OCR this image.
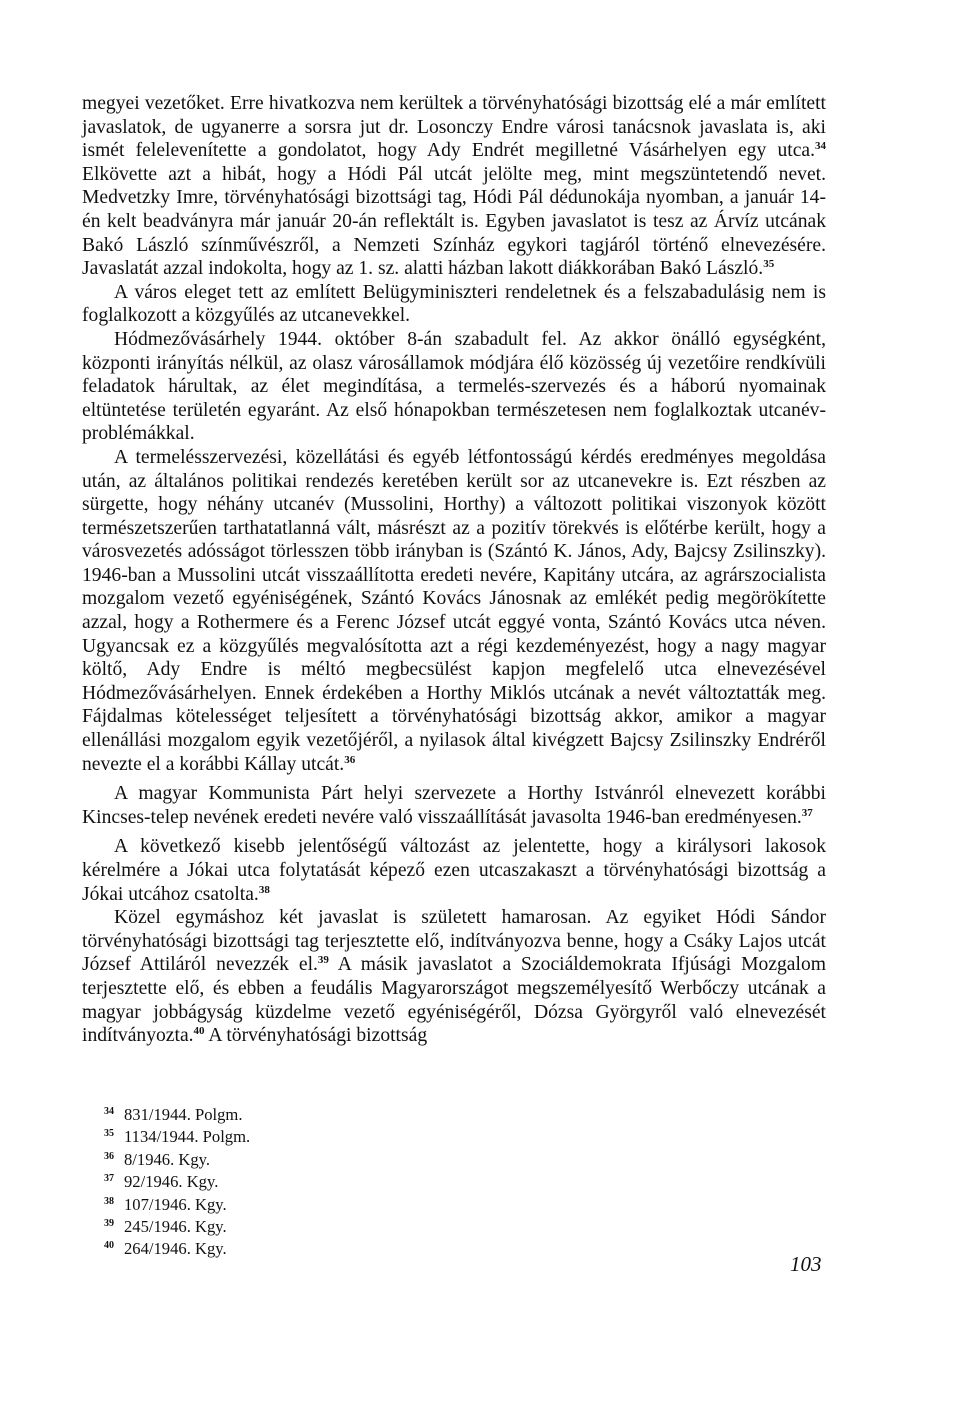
megyei vezetőket. Erre hivatkozva nem kerültek a törvényhatósági bizottság elé a már említett javaslatok, de ugyanerre a sorsra jut dr. Losonczy Endre városi tanácsnok javaslata is, aki ismét felelevenítette a gondolatot, hogy Ady Endrét megilletné Vásárhelyen egy utca.$^{34}$ Elkövette azt a hibát, hogy a Hódi Pál utcát jelölte meg, mint megszüntetendő nevet. Medvetzky Imre, törvényhatósági bizottsági tag, Hódi Pál dédunokája nyomban, a január 14-én kelt beadványra már január 20-án reflektált is. Egyben javaslatot is tesz az Árvíz utcának Bakó László színművészről, a Nemzeti Színház egykori tagjáról történő elnevezésére. Javaslatát azzal indokolta, hogy az 1. sz. alatti házban lakott diákkorában Bakó László.$^{35}$

A város eleget tett az említett Belügyminiszteri rendeletnek és a felszabadulásig nem is foglalkozott a közgyűlés az utcanevekkel.

Hódmezővásárhely 1944. október 8-án szabadult fel. Az akkor önálló egységként, központi irányítás nélkül, az olasz városállamok módjára élő közösség új vezetőire rendkívüli feladatok hárultak, az élet megindítása, a termelés-szervezés és a háború nyomainak eltüntetése területén egyaránt. Az első hónapokban természetesen nem foglalkoztak utcanév-problémákkal.

A termelésszervezési, közellátási és egyéb létfontosságú kérdés eredményes megoldása után, az általános politikai rendezés keretében került sor az utcanevekre is. Ezt részben az sürgette, hogy néhány utcanév (Mussolini, Horthy) a változott politikai viszonyok között természetszerűen tarthatatlanná vált, másrészt az a pozitív törekvés is előtérbe került, hogy a városvezetés adósságot törlesszen több irányban is (Szántó K. János, Ady, Bajcsy Zsilinszky). 1946-ban a Mussolini utcát visszaállította eredeti nevére, Kapitány utcára, az agrárszocialista mozgalom vezető egyéniségének, Szántó Kovács Jánosnak az emlékét pedig megörökítette azzal, hogy a Rothermere és a Ferenc József utcát eggyé vonta, Szántó Kovács utca néven. Ugyancsak ez a közgyűlés megvalósította azt a régi kezdeményezést, hogy a nagy magyar költő, Ady Endre is méltó megbecsülést kapjon megfelelő utca elnevezésével Hódmezővásárhelyen. Ennek érdekében a Horthy Miklós utcának a nevét változtatták meg. Fájdalmas kötelességet teljesített a törvényhatósági bizottság akkor, amikor a magyar ellenállási mozgalom egyik vezetőjéről, a nyilasok által kivégzett Bajcsy Zsilinszky Endréről nevezte el a korábbi Kállay utcát.$^{36}$

A magyar Kommunista Párt helyi szervezete a Horthy Istvánról elnevezett korábbi Kincses-telep nevének eredeti nevére való visszaállítását javasolta 1946-ban eredményesen.$^{37}$

A következő kisebb jelentőségű változást az jelentette, hogy a királysori lakosok kérelmére a Jókai utca folytatását képező ezen utcaszakaszt a törvényhatósági bizottság a Jókai utcához csatolta.$^{38}$

Közel egymáshoz két javaslat is született hamarosan. Az egyiket Hódi Sándor törvényhatósági bizottsági tag terjesztette elő, indítványozva benne, hogy a Csáky Lajos utcát József Attiláról nevezzék el.$^{39}$ A másik javaslatot a Szociáldemokrata Ifjúsági Mozgalom terjesztette elő, és ebben a feudális Magyarországot megszemélyesítő Werbőczy utcának a magyar jobbágyság küzdelme vezető egyéniségéről, Dózsa Györgyről való elnevezését indítványozta.$^{40}$ A törvényhatósági bizottság

34 831/1944. Polgm.
35 1134/1944. Polgm.
36 8/1946. Kgy.
37 92/1946. Kgy.
38 107/1946. Kgy.
39 245/1946. Kgy.
40 264/1946. Kgy.
103
